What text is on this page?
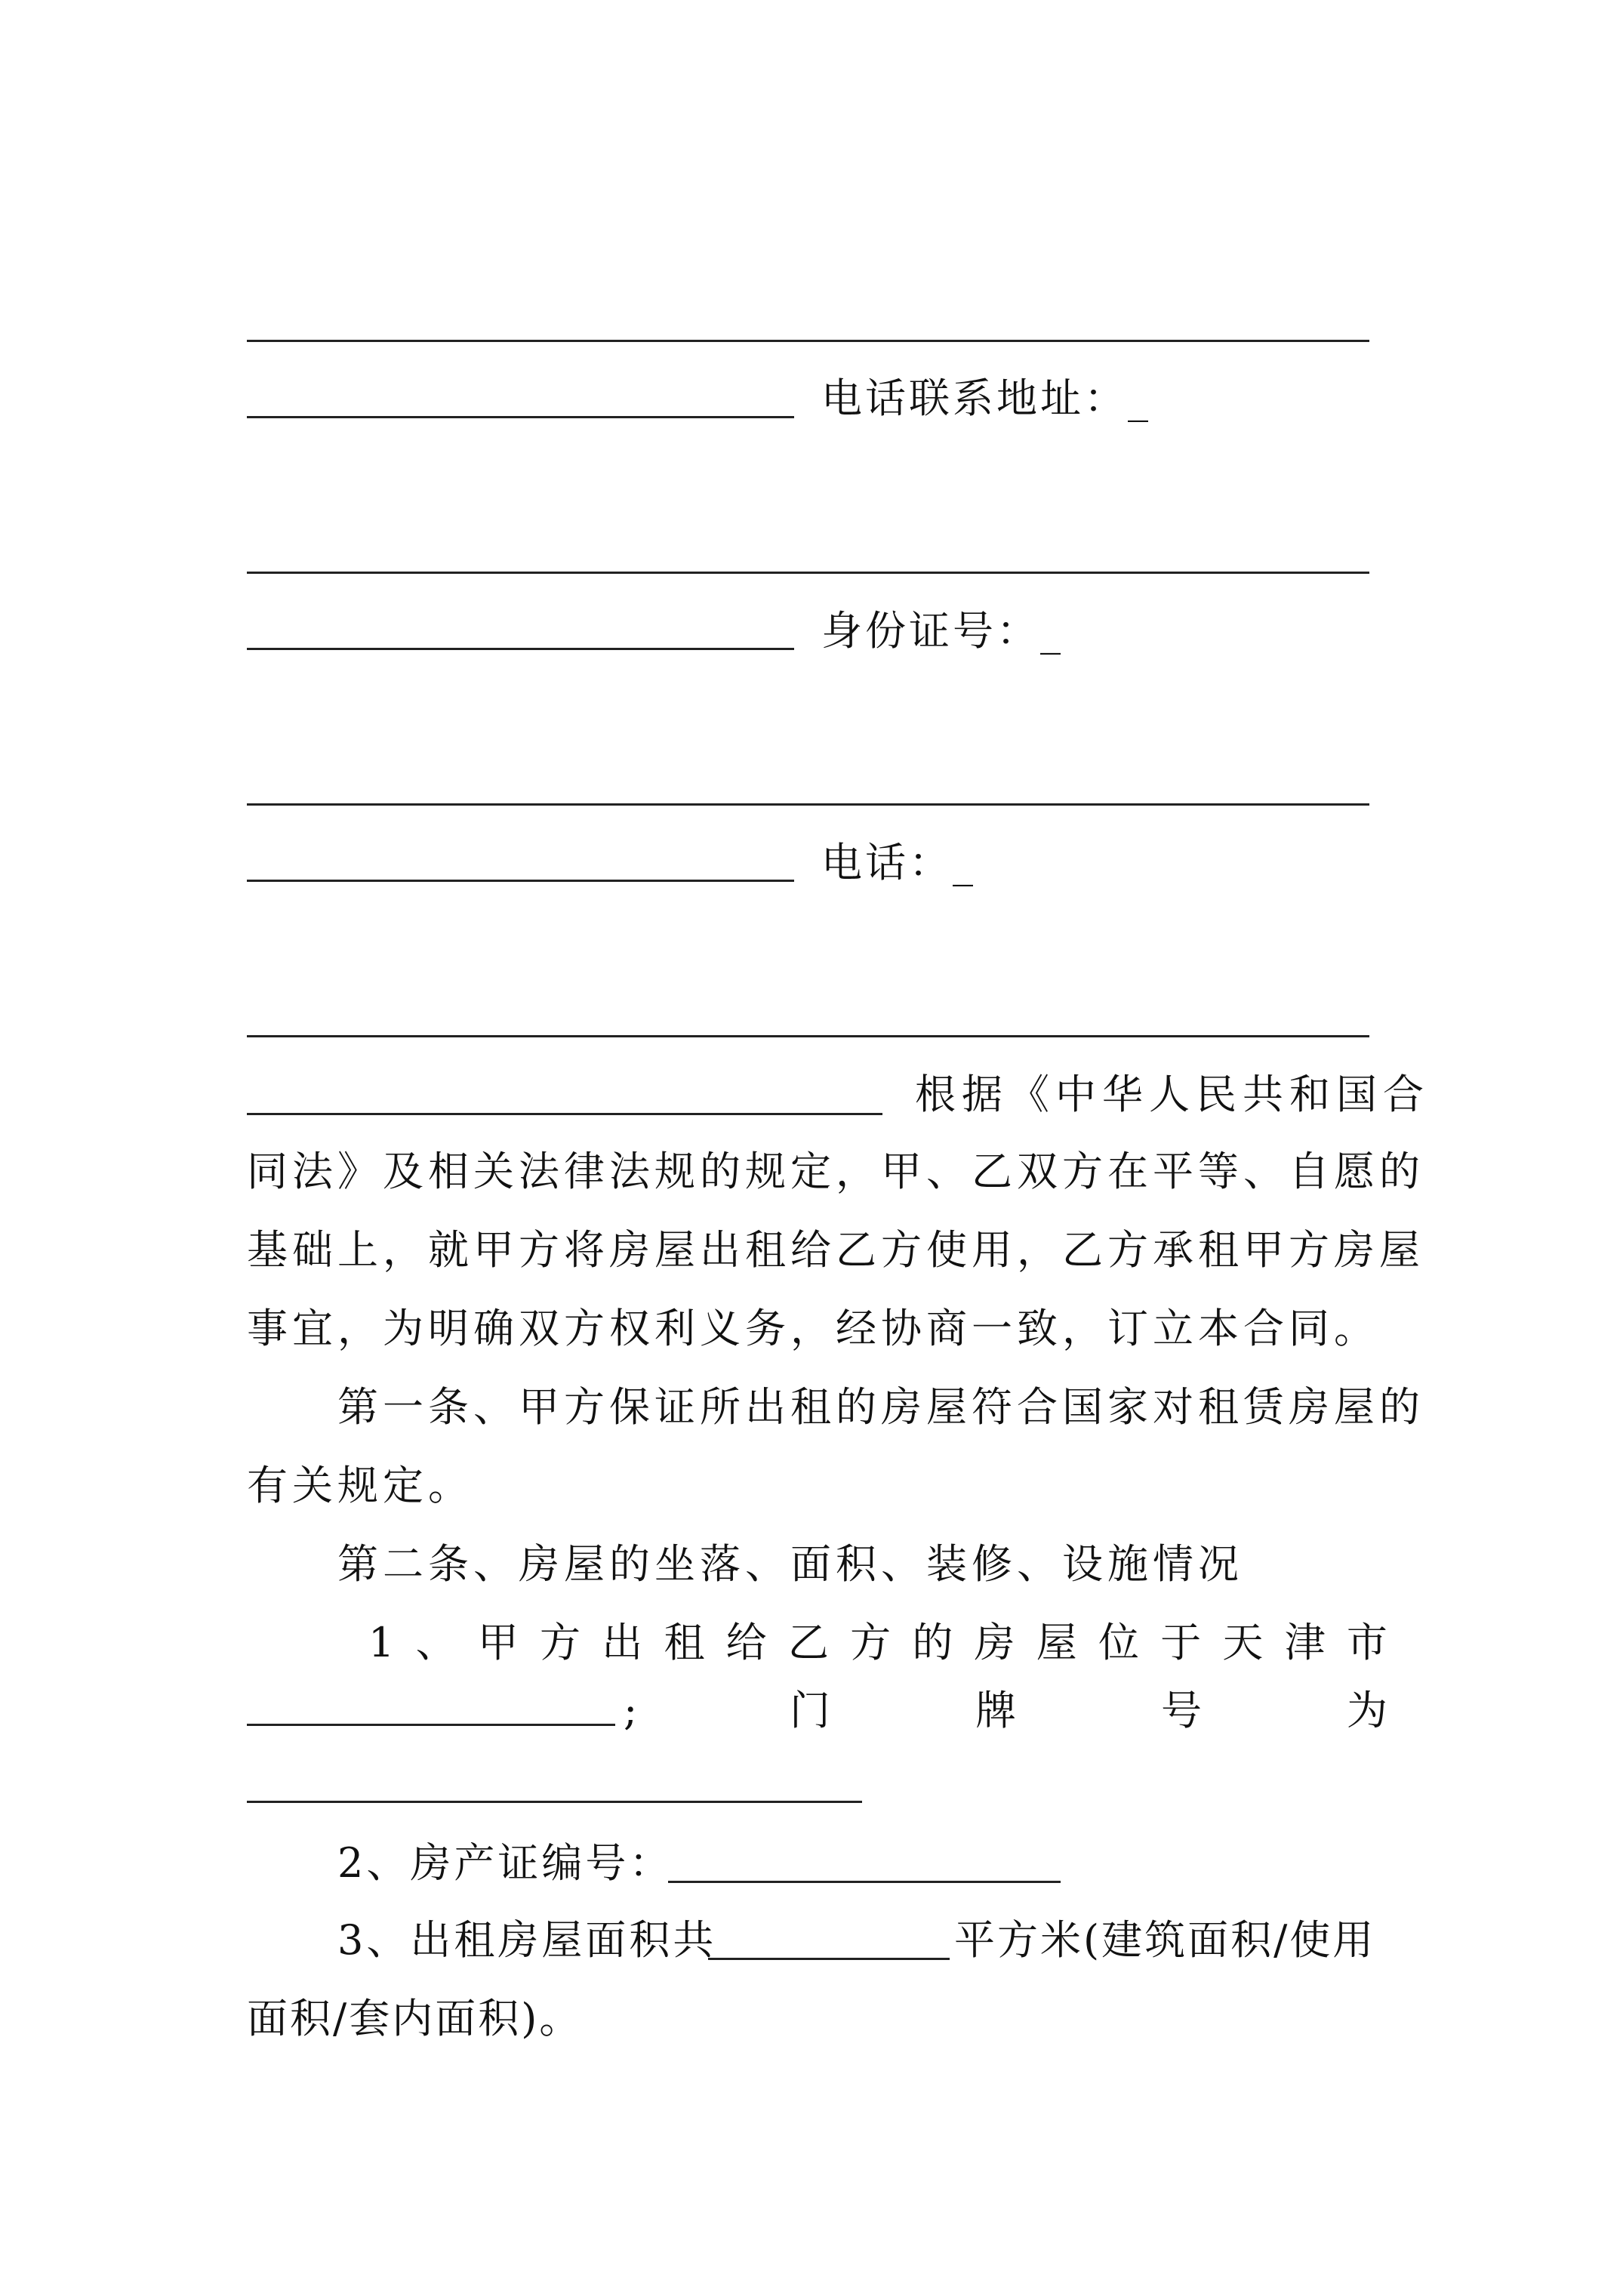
电话联系地址：_
身份证号：_
电话：_
根据《中华人民共和国合
同法》及相关法律法规的规定，甲、乙双方在平等、自愿的
基础上，就甲方将房屋出租给乙方使用，乙方承租甲方房屋
事宜，为明确双方权利义务，经协商一致，订立本合同。
第一条、甲方保证所出租的房屋符合国家对租赁房屋的
有关规定。
第二条、房屋的坐落、面积、装修、设施情况
1 、 甲 方 出 租 给 乙 方 的 房 屋 位 于 天 津 市
;	门	牌	号	为
2、房产证编号：
3、出租房屋面积共	平方米(建筑面积/使用
面积/套内面积)。
